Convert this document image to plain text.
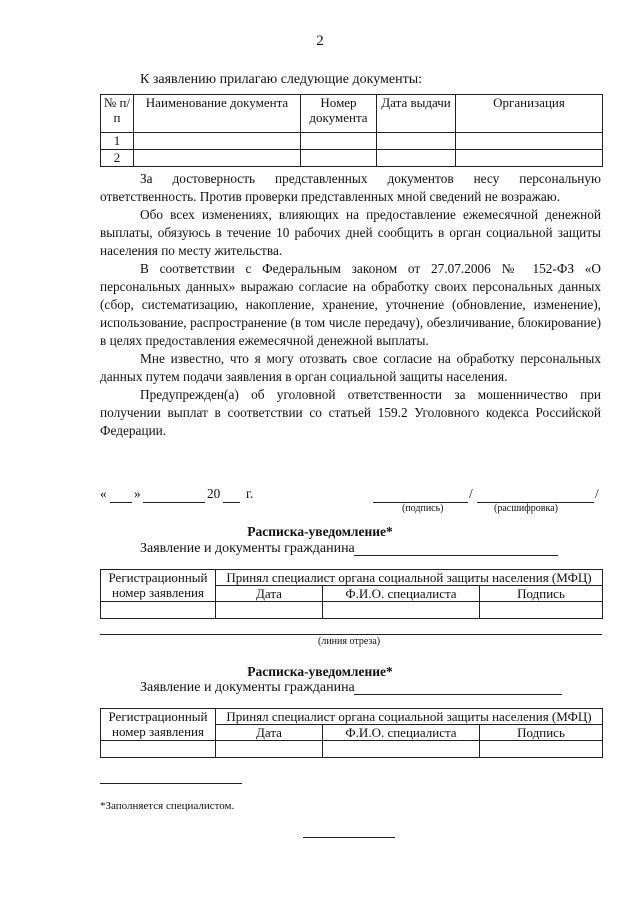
2
К заявлению прилагаю следующие документы:
№ п/п	Наименование документа	Номер документа	Дата выдачи	Организация
1				
2				

За достоверность представленных документов несу персональную ответственность. Против проверки представленных мной сведений не возражаю.

Обо всех изменениях, влияющих на предоставление ежемесячной денежной выплаты, обязуюсь в течение 10 рабочих дней сообщить в орган социальной защиты населения по месту жительства.

В соответствии с Федеральным законом от 27.07.2006 № 152-ФЗ «О персональных данных» выражаю согласие на обработку своих персональных данных (сбор, систематизацию, накопление, хранение, уточнение (обновление, изменение), использование, распространение (в том числе передачу), обезличивание, блокирование) в целях предоставления ежемесячной денежной выплаты.

Мне известно, что я могу отозвать свое согласие на обработку персональных данных путем подачи заявления в орган социальной защиты населения.

Предупрежден(а) об уголовной ответственности за мошенничество при получении выплат в соответствии со статьей 159.2 Уголовного кодекса Российской Федерации.

« »	20 г.	/	/
(подпись)	(расшифровка)
Расписка-уведомление*
Заявление и документы гражданина
Регистрационный номер заявления	Принял специалист органа социальной защиты населения (МФЦ)		
	Дата	Ф.И.О. специалиста	Подпись

(линия отреза)
Расписка-уведомление*
Заявление и документы гражданина
Регистрационный номер заявления	Принял специалист органа социальной защиты населения (МФЦ)		
	Дата	Ф.И.О. специалиста	Подпись

*Заполняется специалистом.
